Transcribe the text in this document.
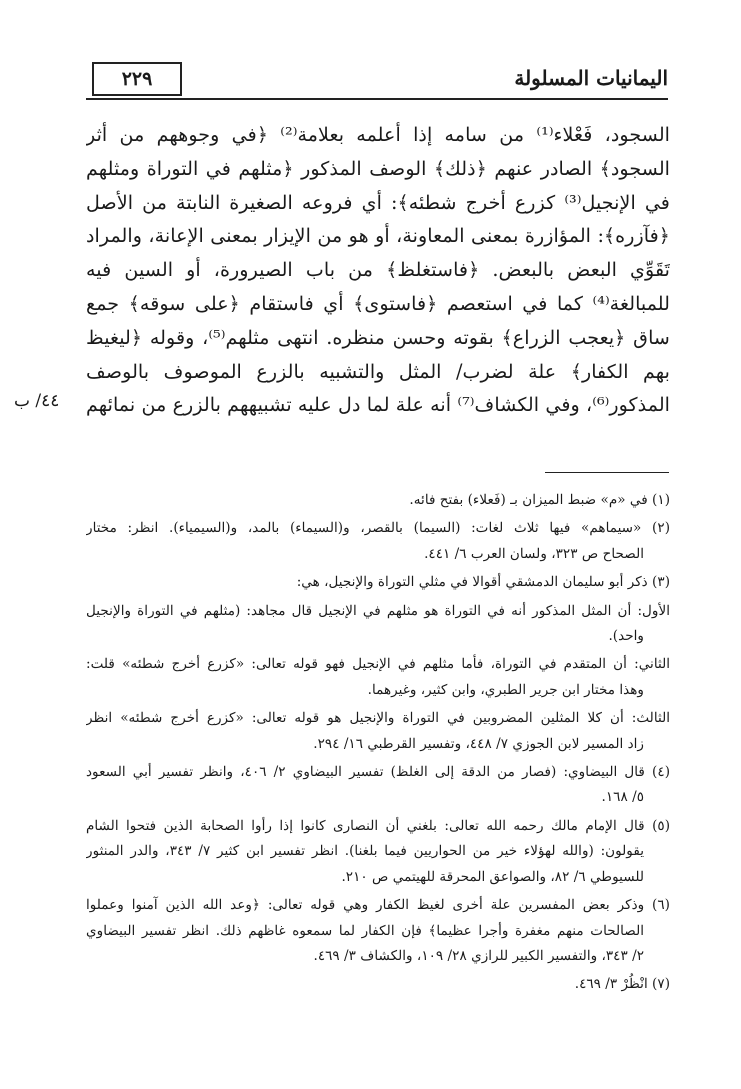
٢٢٩	اليمانيات المسلولة
٤٤/ ب
السجود، فَعْلاء⁽¹⁾ من سامه إذا أعلمه بعلامة⁽²⁾ ﴿في وجوههم من أثر
السجود﴾ الصادر عنهم ﴿ذلك﴾ الوصف المذكور ﴿مثلهم في التوراة ومثلهم
في الإنجيل⁽³⁾ كزرع أخرج شطئه﴾: أي فروعه الصغيرة النابتة من الأصل
﴿فآزره﴾: المؤازرة بمعنى المعاونة، أو هو من الإيزار بمعنى الإعانة، والمراد
تَقَوِّي البعض بالبعض. ﴿فاستغلظ﴾ من باب الصيرورة، أو السين فيه
للمبالغة⁽⁴⁾ كما في استعصم ﴿فاستوى﴾ أي فاستقام ﴿على سوقه﴾ جمع
ساق ﴿يعجب الزراع﴾ بقوته وحسن منظره. انتهى مثلهم⁽⁵⁾، وقوله ﴿ليغيظ
بهم الكفار﴾ علة لضرب/ المثل والتشبيه بالزرع الموصوف بالوصف
المذكور⁽⁶⁾، وفي الكشاف⁽⁷⁾ أنه علة لما دل عليه تشبيههم بالزرع من نمائهم
(١) في «م» ضبط الميزان بـ (فَعلاء) بفتح فائه.
(٢) «سيماهم» فيها ثلاث لغات: (السيما) بالقصر، و(السيماء) بالمد، و(السيمياء). انظر: مختار
الصحاح ص ٣٢٣، ولسان العرب ٦/ ٤٤١.
(٣) ذكر أبو سليمان الدمشقي أقوالا في مثلي التوراة والإنجيل، هي:
الأول: أن المثل المذكور أنه في التوراة هو مثلهم في الإنجيل قال مجاهد: (مثلهم في التوراة والإنجيل
واحد).
الثاني: أن المتقدم في التوراة، فأما مثلهم في الإنجيل فهو قوله تعالى: «كزرع أخرج شطئه» قلت:
وهذا مختار ابن جرير الطبري، وابن كثير، وغيرهما.
الثالث: أن كلا المثلين المضروبين في التوراة والإنجيل هو قوله تعالى: «كزرع أخرج شطئه» انظر
زاد المسير لابن الجوزي ٧/ ٤٤٨، وتفسير القرطبي ١٦/ ٢٩٤.
(٤) قال البيضاوي: (فصار من الدقة إلى الغلظ) تفسير البيضاوي ٢/ ٤٠٦، وانظر تفسير أبي السعود
٥/ ١٦٨.
(٥) قال الإمام مالك رحمه الله تعالى: بلغني أن النصارى كانوا إذا رأوا الصحابة الذين فتحوا الشام
يقولون: (والله لهؤلاء خير من الحواريين فيما بلغنا). انظر تفسير ابن كثير ٧/ ٣٤٣، والدر المنثور
للسيوطي ٦/ ٨٢، والصواعق المحرقة للهيتمي ص ٢١٠.
(٦) وذكر بعض المفسرين علة أخرى لغيظ الكفار وهي قوله تعالى: ﴿وعد الله الذين آمنوا وعملوا
الصالحات منهم مغفرة وأجرا عظيما﴾ فإن الكفار لما سمعوه غاظهم ذلك. انظر تفسير البيضاوي
٢/ ٣٤٣، والتفسير الكبير للرازي ٢٨/ ١٠٩، والكشاف ٣/ ٤٦٩.
(٧) انْظُرْ ٣/ ٤٦٩.
